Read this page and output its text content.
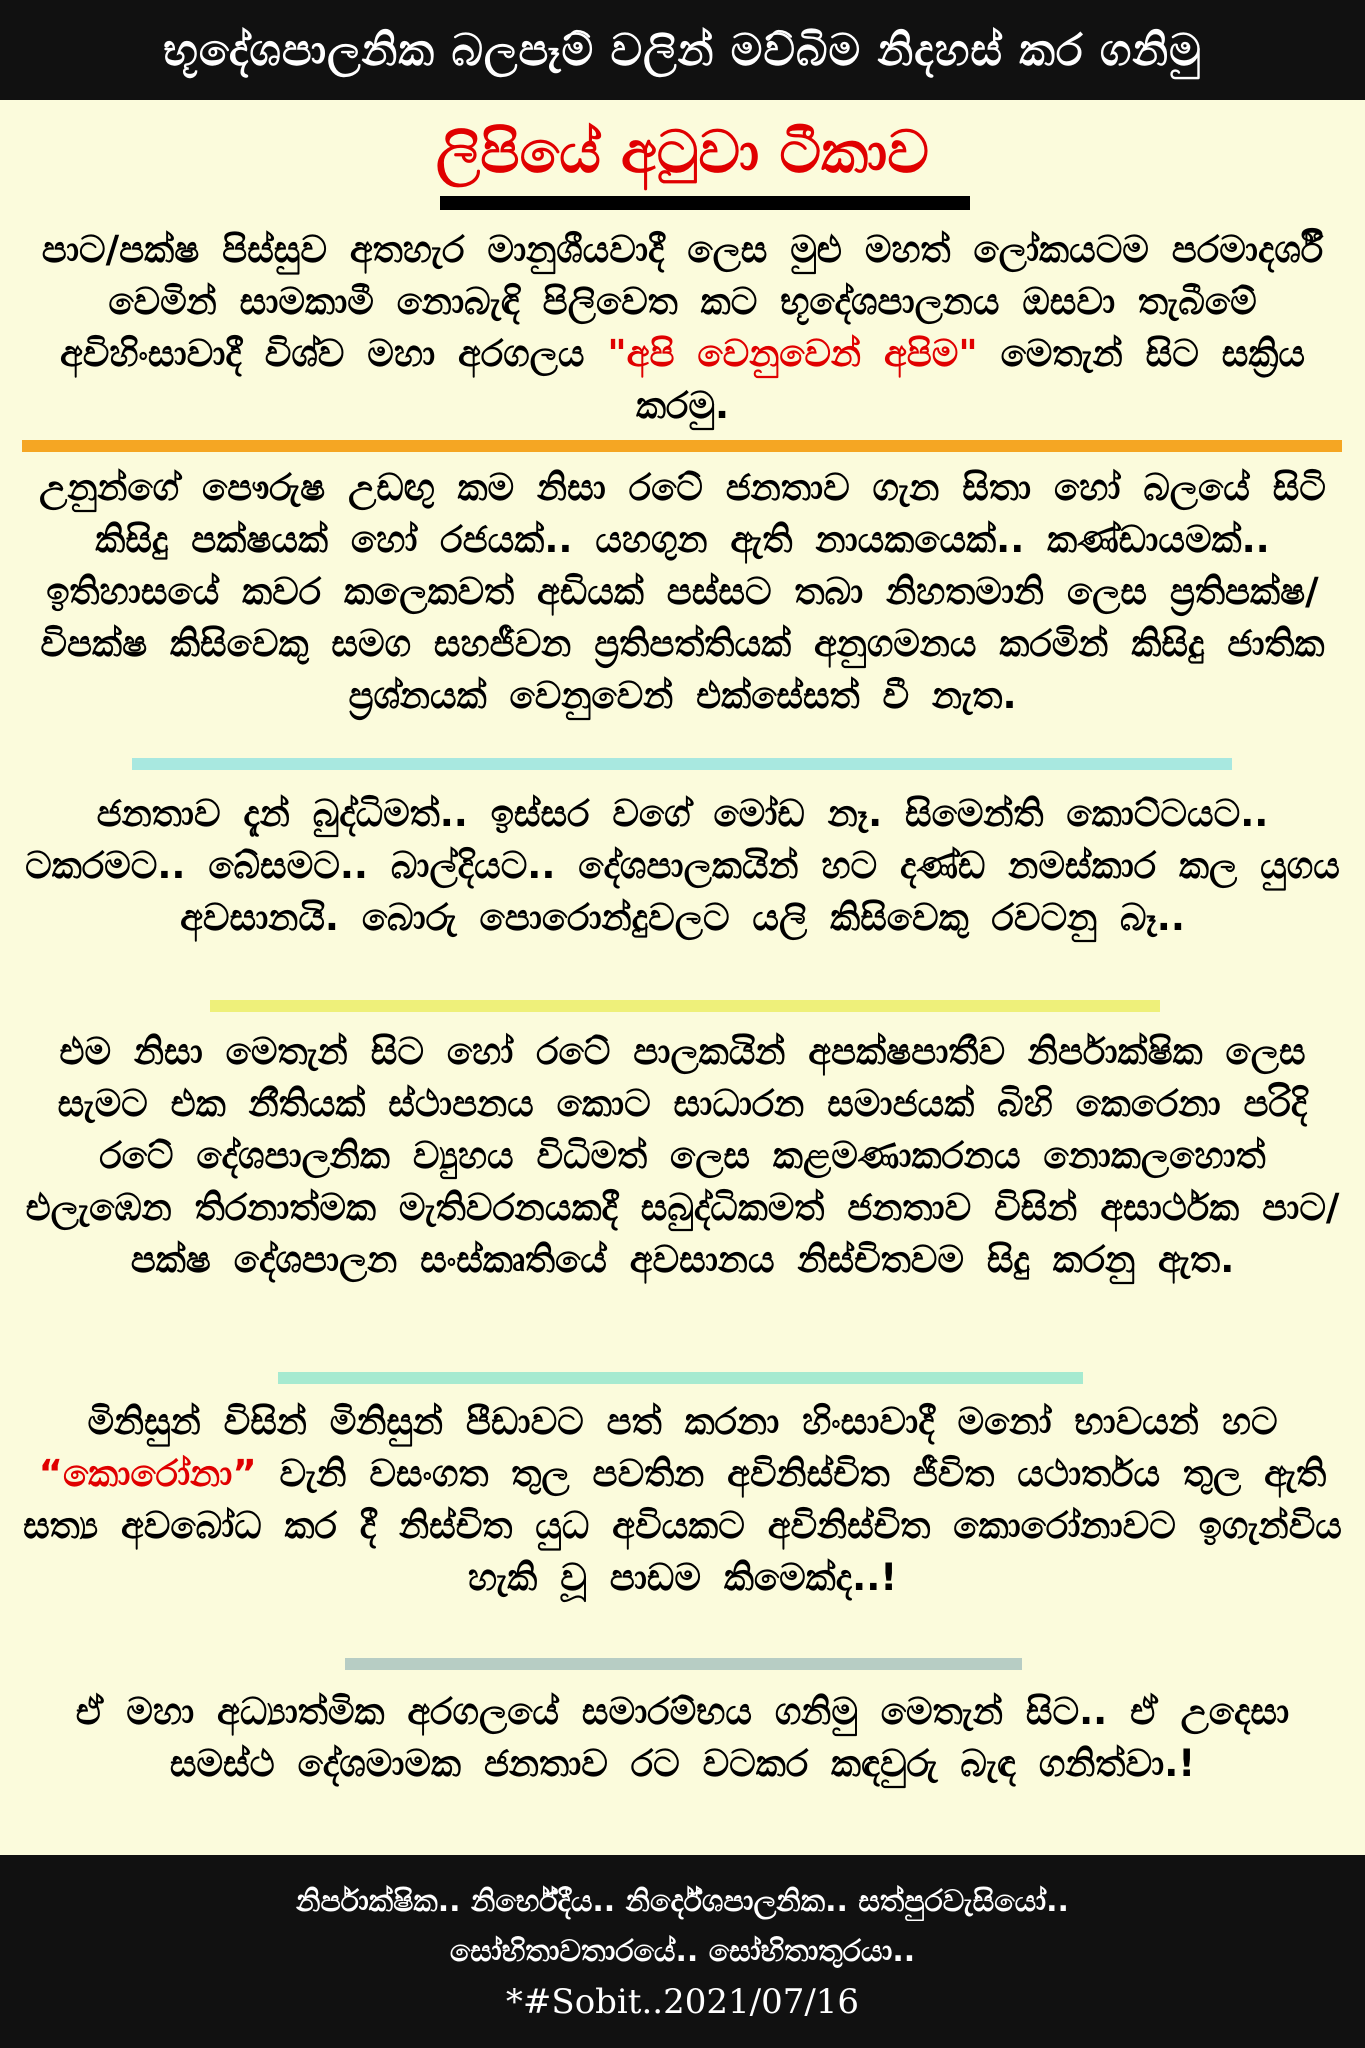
භූදේශපාලනික බලපෑම් වලින් මව්බිම නිදහස් කර ගනිමු
ලිපියේ අටුවා ටීකාව
පාට/පක්ෂ පිස්සුව අතහැර මානුශීයවාදී ලෙස මුළු මහත් ලෝකයටම පරමාදර්ශී වෙමින් සාමකාමී නොබැඳි පිලිවෙත කට භූදේශපාලනය ඔසවා තැබීමේ අවිහිංසාවාදී විශ්ව මහා අරගලය "අපි වෙනුවෙන් අපිම" මෙතැන් සිට සක්‍රිය කරමු.
උනුන්ගේ පෞරුෂ උඩඟු කම නිසා රටේ ජනතාව ගැන සිතා හෝ බලයේ සිටි කිසිදු පක්ෂයක් හෝ රජයක්.. යහගුන ඇති නායකයෙක්.. කණ්ඩායමක්.. ඉතිහාසයේ කවර කලෙකවත් අඩියක් පස්සට තබා නිහතමානි ලෙස ප්‍රතිපක්ෂ/විපක්ෂ කිසිවෙකු සමග සහජීවන ප්‍රතිපත්තියක් අනුගමනය කරමින් කිසිදු ජාතික ප්‍රශ්නයක් වෙනුවෙන් එක්සේසත් වී නැත.
ජනතාව දැන් බුද්ධිමත්.. ඉස්සර වගේ මෝඩ නෑ. සිමෙන්ති කොට්ටයට.. ටකරමට.. බේසමට.. බාල්දියට.. දේශපාලකයින් හට දණ්ඩ නමස්කාර කල යුගය අවසානයි. බොරු පොරොන්දුවලට යලි කිසිවෙකු රවටනු බෑ..
එම නිසා මෙතැන් සිට හෝ රටේ පාලකයින් අපක්ෂපාතීව නිර්පාක්ෂික ලෙස සැමට එක නීතියක් ස්ථාපනය කොට සාධාරන සමාජයක් බිහි කෙරෙනා පරිදි රටේ දේශපාලනික ව්‍යුහය විධිමත් ලෙස කළමණාකරනය නොකලහොත් එලැඹෙන තිරනාත්මක මැතිවරනයකදී සබුද්ධිකමත් ජනතාව විසින් අසාර්ථක පාට/පක්ෂ දේශපාලන සංස්කෘතියේ අවසානය නිස්චිතවම සිදු කරනු ඇත.
මිනිසුන් විසින් මිනිසුන් පීඩාවට පත් කරනා හිංසාවාදී මනෝ භාවයන් හට “කොරෝනා” වැනි වසංගත තුල පවතින අවිනිස්චිත ජීවිත යථාර්තය තුල ඇති සත්‍ය අවබෝධ කර දී නිස්චිත යුධ අවියකට අවිනිස්චිත කොරෝනාවට ඉගැන්විය හැකි වූ පාඩම කිමෙක්ද..!
ඒ මහා අධ්‍යාත්මික අරගලයේ සමාරම්භය ගනිමු මෙතැන් සිට.. ඒ උදෙසා සමස්ථ දේශමාමක ජනතාව රට වටකර කඳවුරු බැඳ ගනිත්වා.!
නිර්පාක්ෂික.. නිර්භේදීය.. නිර්දේශපාලනික.. සත්පුරවැසියෝ..
සෝභිතාවතාරයේ.. සෝභිතාතුරයා..
*#Sobit..2021/07/16
